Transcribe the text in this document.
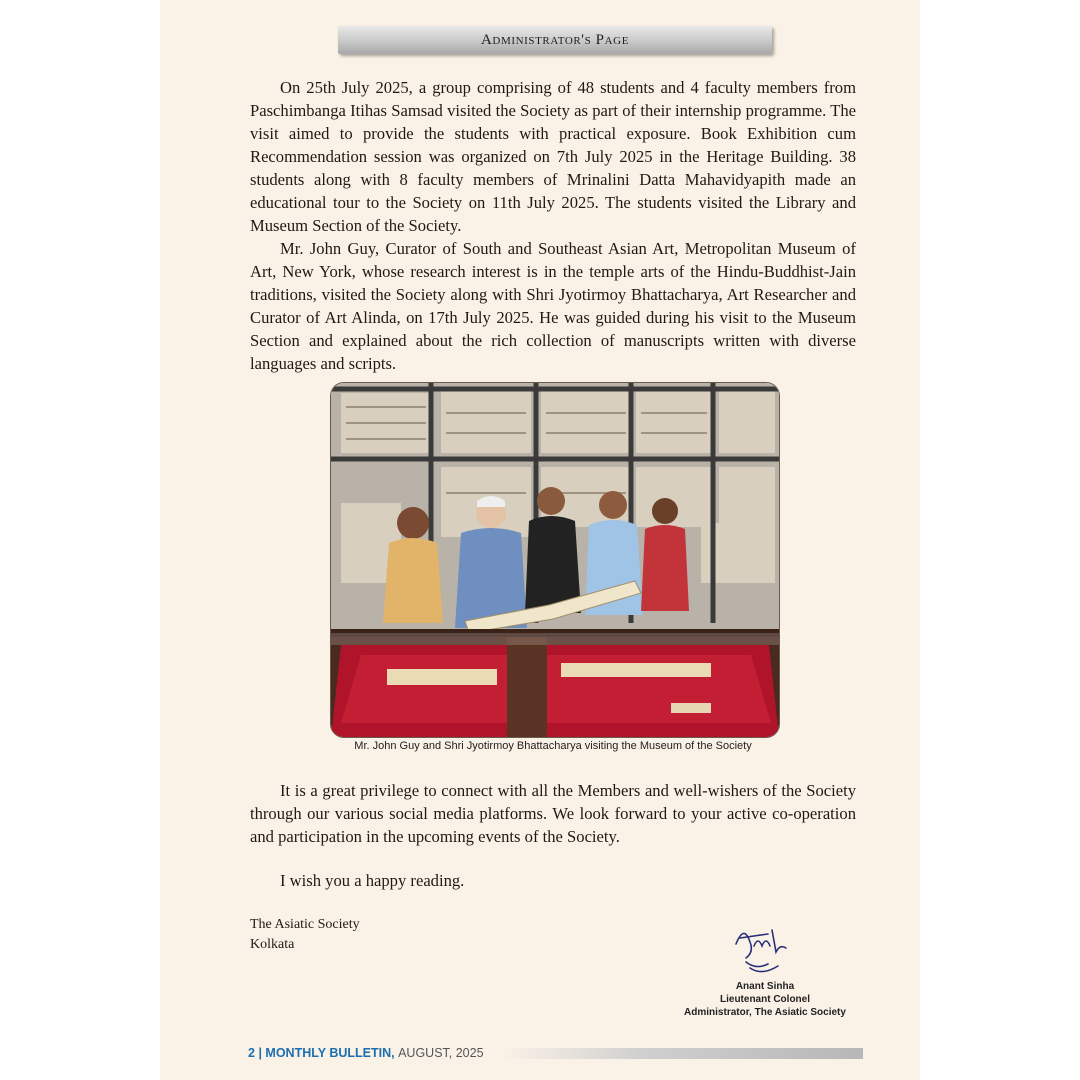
Administrator's Page

On 25th July 2025, a group comprising of 48 students and 4 faculty members from Paschimbanga Itihas Samsad visited the Society as part of their internship programme. The visit aimed to provide the students with practical exposure. Book Exhibition cum Recommendation session was organized on 7th July 2025 in the Heritage Building. 38 students along with 8 faculty members of Mrinalini Datta Mahavidyapith made an educational tour to the Society on 11th July 2025. The students visited the Library and Museum Section of the Society.

Mr. John Guy, Curator of South and Southeast Asian Art, Metropolitan Museum of Art, New York, whose research interest is in the temple arts of the Hindu-Buddhist-Jain traditions, visited the Society along with Shri Jyotirmoy Bhattacharya, Art Researcher and Curator of Art Alinda, on 17th July 2025. He was guided during his visit to the Museum Section and explained about the rich collection of manuscripts written with diverse languages and scripts.

Mr. John Guy and Shri Jyotirmoy Bhattacharya visiting the Museum of the Society

It is a great privilege to connect with all the Members and well-wishers of the Society through our various social media platforms. We look forward to your active co-operation and participation in the upcoming events of the Society.

I wish you a happy reading.
The Asiatic Society
Kolkata
Anant Sinha
Lieutenant Colonel
Administrator, The Asiatic Society
2 | MONTHLY BULLETIN, AUGUST, 2025
